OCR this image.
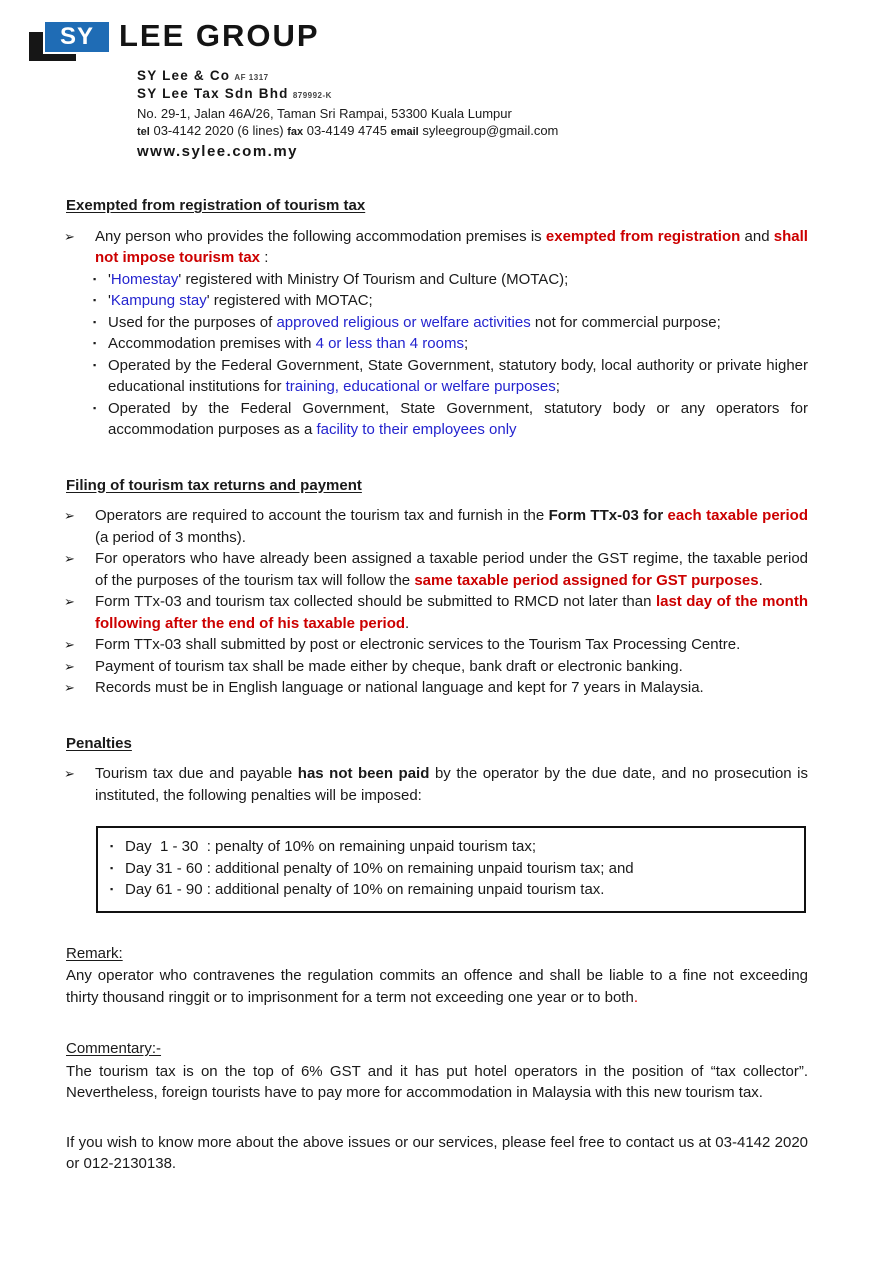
SY LEE GROUP
SY Lee & Co AF 1317
SY Lee Tax Sdn Bhd 879992-K
No. 29-1, Jalan 46A/26, Taman Sri Rampai, 53300 Kuala Lumpur
tel 03-4142 2020 (6 lines) fax 03-4149 4745 email syleegroup@gmail.com
www.sylee.com.my
Exempted from registration of tourism tax
➢	Any person who provides the following accommodation premises is exempted from registration and shall not impose tourism tax :
▪ 'Homestay' registered with Ministry Of Tourism and Culture (MOTAC);
▪ 'Kampung stay' registered with MOTAC;
▪ Used for the purposes of approved religious or welfare activities not for commercial purpose;
▪ Accommodation premises with 4 or less than 4 rooms;
▪ Operated by the Federal Government, State Government, statutory body, local authority or private higher educational institutions for training, educational or welfare purposes;
▪ Operated by the Federal Government, State Government, statutory body or any operators for accommodation purposes as a facility to their employees only
Filing of tourism tax returns and payment
➢	Operators are required to account the tourism tax and furnish in the Form TTx-03 for each taxable period (a period of 3 months).
➢	For operators who have already been assigned a taxable period under the GST regime, the taxable period of the purposes of the tourism tax will follow the same taxable period assigned for GST purposes.
➢	Form TTx-03 and tourism tax collected should be submitted to RMCD not later than last day of the month following after the end of his taxable period.
➢	Form TTx-03 shall submitted by post or electronic services to the Tourism Tax Processing Centre.
➢	Payment of tourism tax shall be made either by cheque, bank draft or electronic banking.
➢	Records must be in English language or national language and kept for 7 years in Malaysia.
Penalties
➢	Tourism tax due and payable has not been paid by the operator by the due date, and no prosecution is instituted, the following penalties will be imposed:
▪ Day  1 - 30  : penalty of 10% on remaining unpaid tourism tax;
▪ Day 31 - 60 : additional penalty of 10% on remaining unpaid tourism tax; and
▪ Day 61 - 90 : additional penalty of 10% on remaining unpaid tourism tax.
Remark:
Any operator who contravenes the regulation commits an offence and shall be liable to a fine not exceeding thirty thousand ringgit or to imprisonment for a term not exceeding one year or to both.
Commentary:-
The tourism tax is on the top of 6% GST and it has put hotel operators in the position of “tax collector”. Nevertheless, foreign tourists have to pay more for accommodation in Malaysia with this new tourism tax.
If you wish to know more about the above issues or our services, please feel free to contact us at 03-4142 2020 or 012-2130138.
